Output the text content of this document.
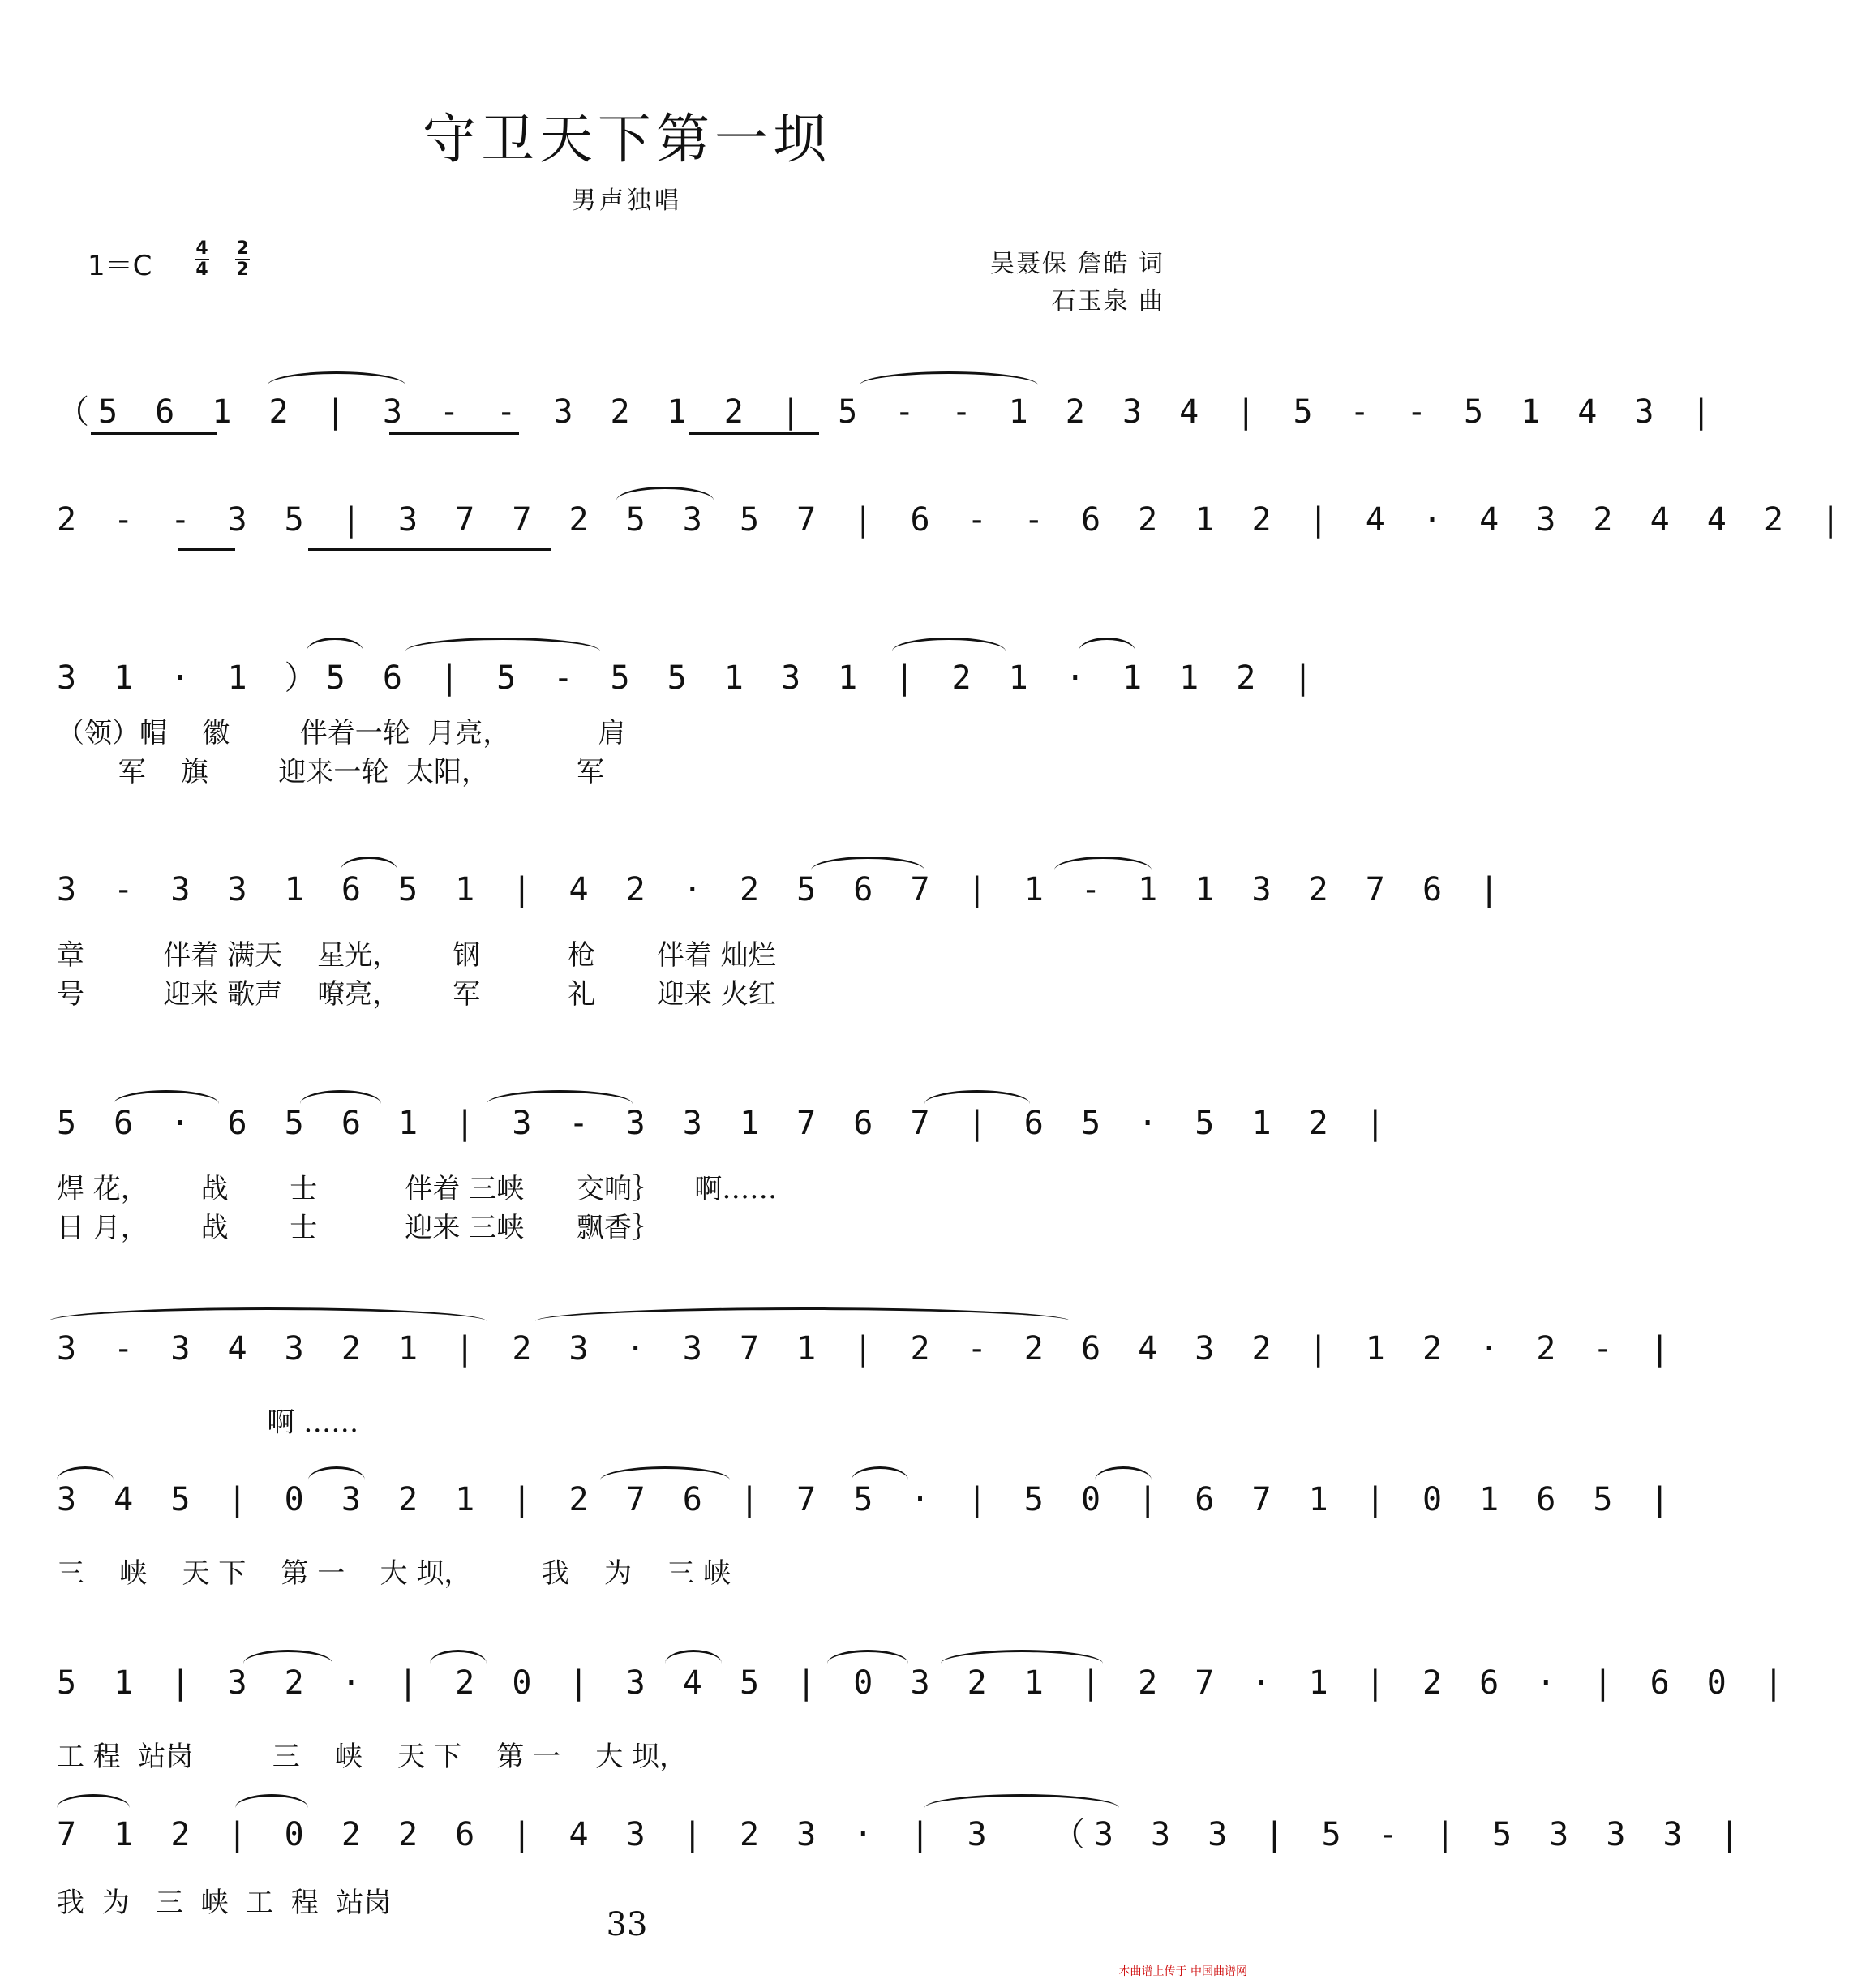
守卫天下第一坝
男声独唱
1＝C
4
4
2
2	吴聂保 詹皓 词
石玉泉 曲
（5 6 1 2 | 3 - - 3 2 1 2 | 5 - - 1 2 3 4 | 5 - - 5 1 4 3 |
2 - - 3 5 | 3 7 7 2 5 3 5 7 | 6 - - 6 2 1 2 | 4 · 4 3 2 4 4 2 |
3 1 · 1 ）5 6 | 5 - 5 5 1 3 1 | 2 1 · 1 1 2 |
（领）帽    徽        伴着一轮  月亮，          肩
军    旗        迎来一轮  太阳，          军
3 - 3 3 1 6 5 1 | 4 2 · 2 5 6 7 | 1 - 1 1 3 2 7 6 |
章         伴着 满天    星光，      钢          枪       伴着 灿烂
号         迎来 歌声    嘹亮，      军          礼       迎来 火红
5 6 · 6 5 6 1 | 3 - 3 3 1 7 6 7 | 6 5 · 5 1 2 |
焊 花，      战       士          伴着 三峡      交响｝    啊……
日 月，      战       士          迎来 三峡      飘香｝
3 - 3 4 3 2 1 | 2 3 · 3 7 1 | 2 - 2 6 4 3 2 | 1 2 · 2 - |
啊 ……
3 4 5 | 0 3 2 1 | 2 7 6 | 7 5 · | 5 0 | 6 7 1 | 0 1 6 5 |
三    峡    天 下    第 一    大 坝，        我    为    三 峡
5 1 | 3 2 · | 2 0 | 3 4 5 | 0 3 2 1 | 2 7 · 1 | 2 6 · | 6 0 |
工 程  站岗         三    峡    天 下    第 一    大 坝，
7 1 2 | 0 2 2 6 | 4 3 | 2 3 · | 3  （3 3 3 | 5 - | 5 3 3 3 |
我  为   三  峡  工  程  站岗
33
本曲谱上传于 中国曲谱网
